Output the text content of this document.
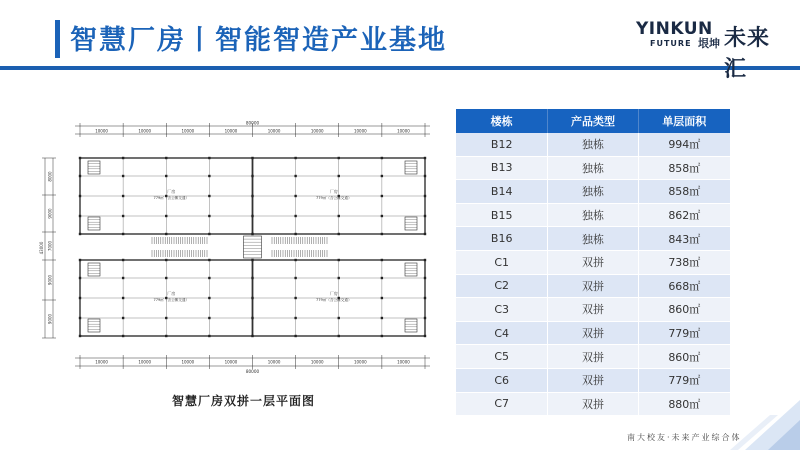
智慧厂房丨智能智造产业基地	YINKUN
FUTURE 垠坤 未来汇
80000
80000
10000
10000
10000
10000
10000
10000
10000
10000
10000
10000
10000
10000
10000
10000
10000
10000
43000
8000
9000
7000
9000
9000
厂房
779㎡（含公摊交通）
厂房
779㎡（含公摊交通）
厂房
779㎡（含公摊交通）
厂房
779㎡（含公摊交通）
智慧厂房双拼一层平面图
楼栋	产品类型	单层面积
B12	独栋	994㎡
B13	独栋	858㎡
B14	独栋	858㎡
B15	独栋	862㎡
B16	独栋	843㎡
C1	双拼	738㎡
C2	双拼	668㎡
C3	双拼	860㎡
C4	双拼	779㎡
C5	双拼	860㎡
C6	双拼	779㎡
C7	双拼	880㎡
南大校友·未来产业综合体
